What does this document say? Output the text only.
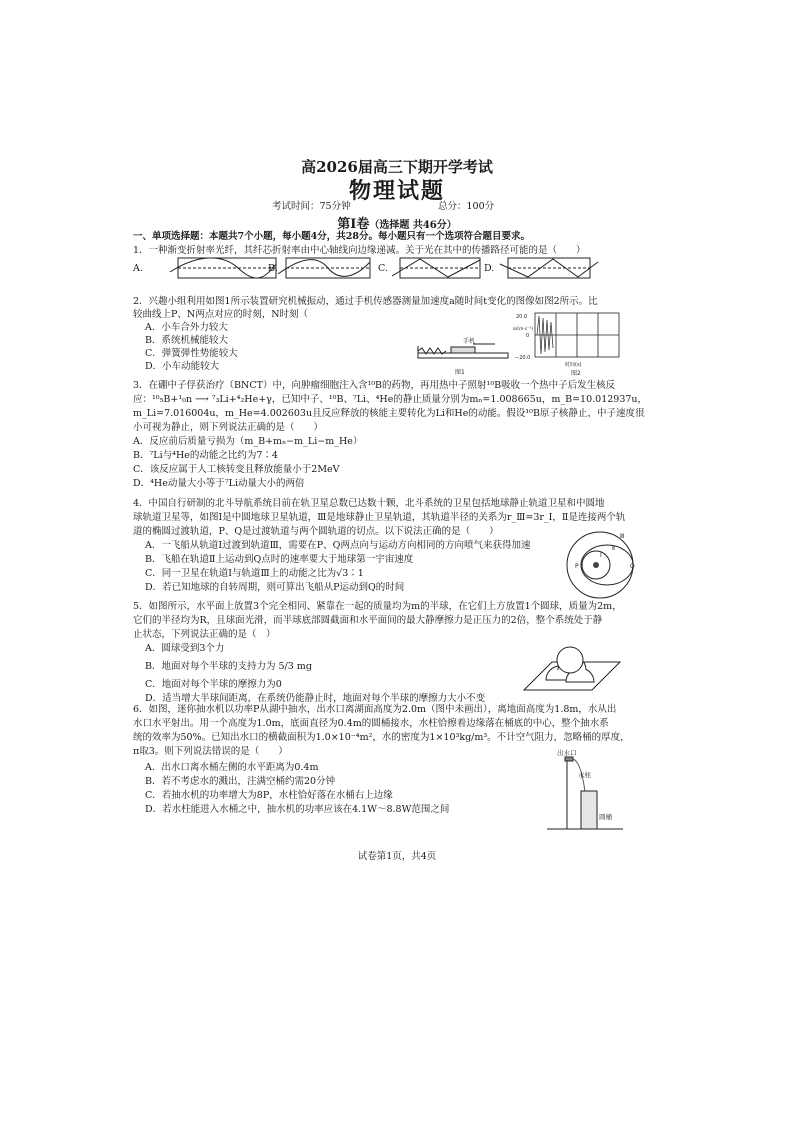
高2026届高三下期开学考试
物理试题
考试时间：75分钟	总分：100分
第Ⅰ卷（选择题 共46分）
一、单项选择题：本题共7个小题，每小题4分，共28分。每小题只有一个选项符合题目要求。
1．一种渐变折射率光纤，其纤芯折射率由中心轴线向边缘递减。关于光在其中的传播路径可能的是（　　）
A.	B.	C.	D.
2．兴趣小组利用如图1所示装置研究机械振动，通过手机传感器测量加速度a随时间t变化的图像如图2所示。比
较曲线上P、N两点对应的时刻，N时刻（
A．小车合外力较大
B．系统机械能较大
C．弹簧弹性势能较大
D．小车动能较大
手机
图1
20.0
0
−20.0
a/(m·s⁻²)
时间(s)
图2
3．在硼中子俘获治疗（BNCT）中，向肿瘤细胞注入含¹⁰B的药物，再用热中子照射¹⁰B吸收一个热中子后发生核反
应：¹⁰₅B+¹₀n ⟶ ⁷₃Li+⁴₂He+γ，已知中子、¹⁰B、⁷Li、⁴He的静止质量分别为mₙ=1.008665u，m_B=10.012937u，
m_Li=7.016004u，m_He=4.002603u且反应释放的核能主要转化为Li和He的动能。假设¹⁰B原子核静止，中子速度很
小可视为静止，则下列说法正确的是（　　）
A．反应前后质量亏损为（m_B+mₙ−m_Li−m_He）
B．⁷Li与⁴He的动能之比约为7∶4
C．该反应属于人工核转变且释放能量小于2MeV
D．⁴He动量大小等于⁷Li动量大小的两倍
4．中国自行研制的北斗导航系统目前在轨卫星总数已达数十颗，北斗系统的卫星包括地球静止轨道卫星和中圆地
球轨道卫星等，如图Ⅰ是中圆地球卫星轨道，Ⅲ是地球静止卫星轨道，其轨道半径的关系为r_Ⅲ=3r_Ⅰ，Ⅱ是连接两个轨
道的椭圆过渡轨道，P、Q是过渡轨道与两个圆轨道的切点。以下说法正确的是（　　）
A．一飞船从轨道Ⅰ过渡到轨道Ⅲ，需要在P、Q两点向与运动方向相同的方向喷气来获得加速
B．飞船在轨道Ⅱ上运动到Q点时的速率要大于地球第一宇宙速度
C．同一卫星在轨道Ⅰ与轨道Ⅲ上的动能之比为√3∶1
D．若已知地球的自转周期，则可算出飞船从P运动到Q的时间
Ⅲ
Ⅱ
Ⅰ
P	Q
5．如图所示，水平面上放置3个完全相同、紧靠在一起的质量均为m的半球，在它们上方放置1个圆球，质量为2m，
它们的半径均为R，且球面光滑，而半球底部圆截面和水平面间的最大静摩擦力是正压力的2倍，整个系统处于静
止状态，下列说法正确的是（　）
A．圆球受到3个力
B．地面对每个半球的支持力为 5/3 mg
C．地面对每个半球的摩擦力为0
D．适当增大半球间距离，在系统仍能静止时，地面对每个半球的摩擦力大小不变
6．如图，迷你抽水机以功率P从湖中抽水，出水口离湖面高度为2.0m（图中未画出），离地面高度为1.8m，水从出
水口水平射出。用一个高度为1.0m，底面直径为0.4m的圆桶接水，水柱恰擦着边缘落在桶底的中心，整个抽水系
统的效率为50%。已知出水口的横截面积为1.0×10⁻⁴m²，水的密度为1×10³kg/m³。不计空气阻力，忽略桶的厚度，
π取3。则下列说法错误的是（　　）
A．出水口离水桶左侧的水平距离为0.4m
B．若不考虑水的溅出，注满空桶约需20分钟
C．若抽水机的功率增大为8P，水柱恰好落在水桶右上边缘
D．若水柱能进入水桶之中，抽水机的功率应该在4.1W～8.8W范围之间
出水口
水柱
圆桶
试卷第1页，共4页
